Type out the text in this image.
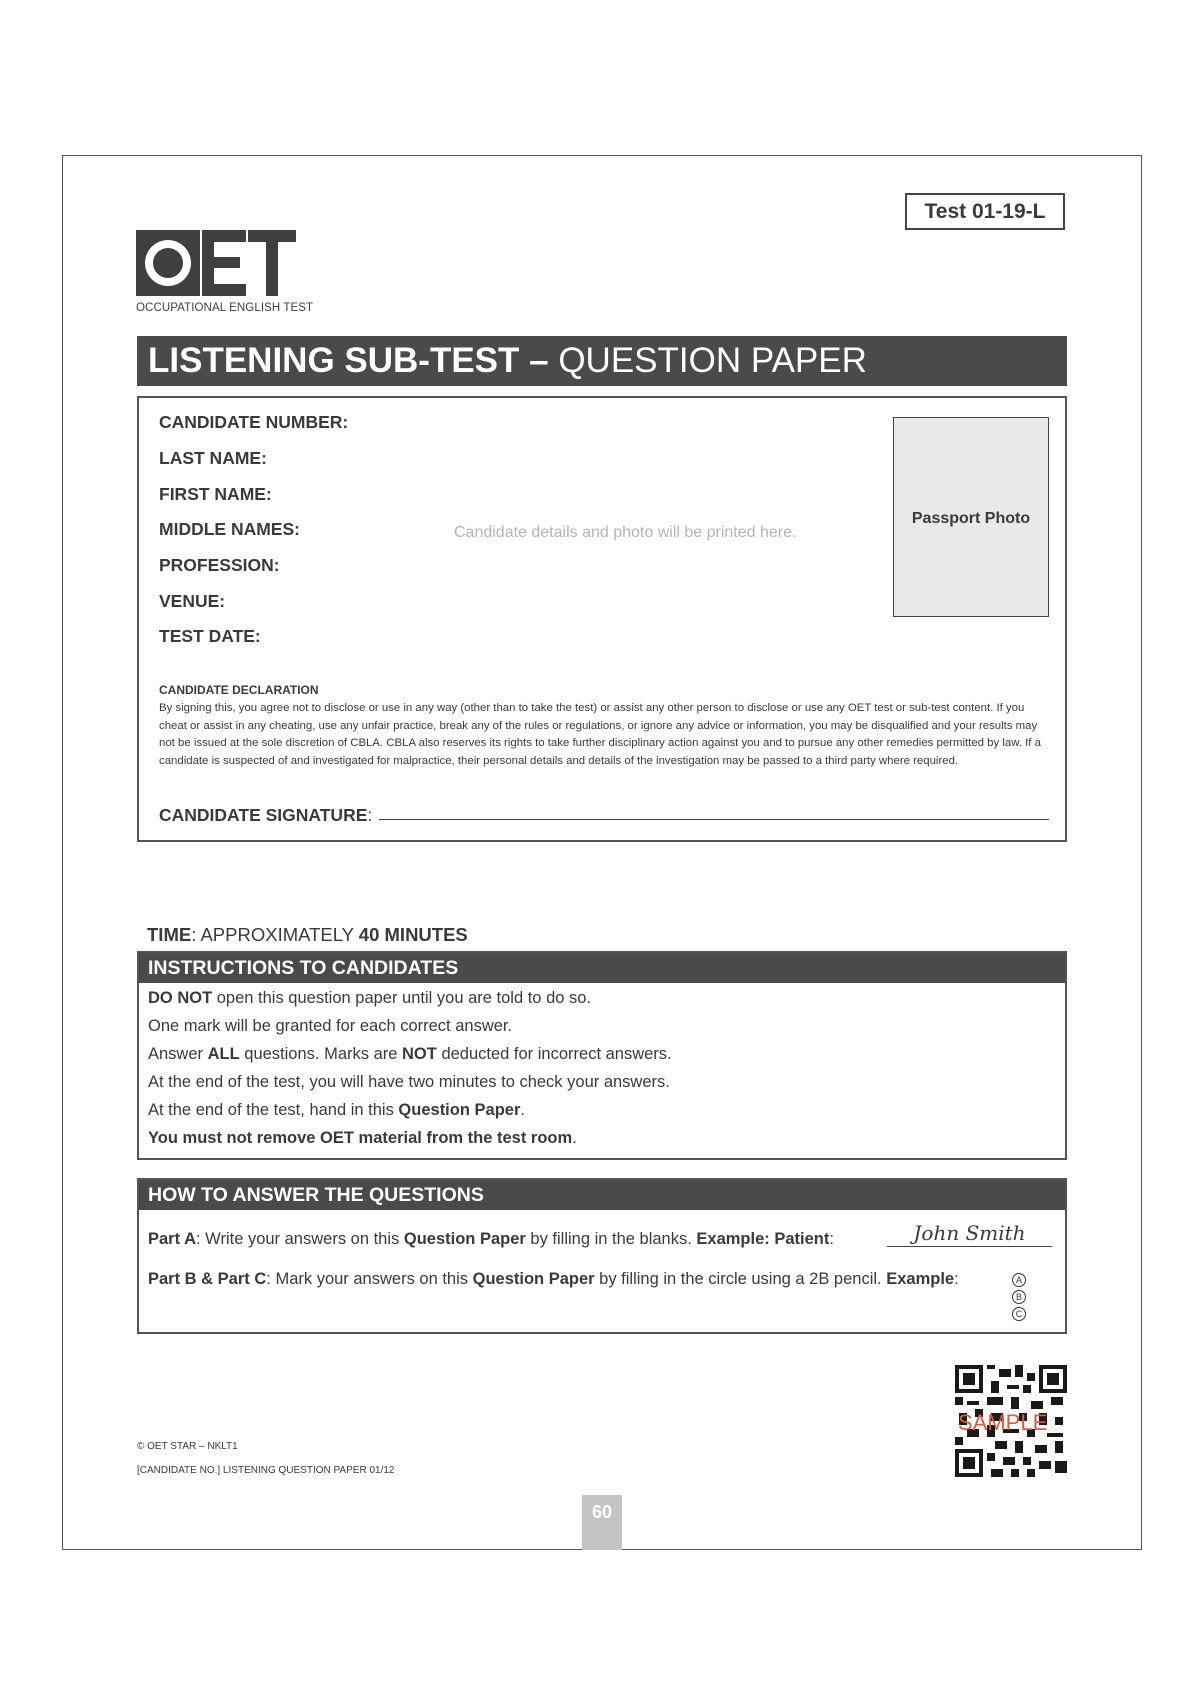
Test 01-19-L
OCCUPATIONAL ENGLISH TEST
LISTENING SUB-TEST – QUESTION PAPER
CANDIDATE NUMBER:
LAST NAME:
FIRST NAME:
MIDDLE NAMES:
PROFESSION:
VENUE:
TEST DATE:
Candidate details and photo will be printed here.
Passport Photo
CANDIDATE DECLARATION
By signing this, you agree not to disclose or use in any way (other than to take the test) or assist any other person to disclose or use any OET test or sub-test content. If you cheat or assist in any cheating, use any unfair practice, break any of the rules or regulations, or ignore any advice or information, you may be disqualified and your results may not be issued at the sole discretion of CBLA. CBLA also reserves its rights to take further disciplinary action against you and to pursue any other remedies permitted by law. If a candidate is suspected of and investigated for malpractice, their personal details and details of the investigation may be passed to a third party where required.
CANDIDATE SIGNATURE:
TIME: APPROXIMATELY 40 MINUTES
INSTRUCTIONS TO CANDIDATES
DO NOT open this question paper until you are told to do so.
One mark will be granted for each correct answer.
Answer ALL questions. Marks are NOT deducted for incorrect answers.
At the end of the test, you will have two minutes to check your answers.
At the end of the test, hand in this Question Paper.
You must not remove OET material from the test room.
HOW TO ANSWER THE QUESTIONS
Part A: Write your answers on this Question Paper by filling in the blanks. Example: Patient:	John Smith
Part B & Part C: Mark your answers on this Question Paper by filling in the circle using a 2B pencil. Example:	A
B
C
SAMPLE
© OET STAR – NKLT1
[CANDIDATE NO.] LISTENING QUESTION PAPER 01/12
60
